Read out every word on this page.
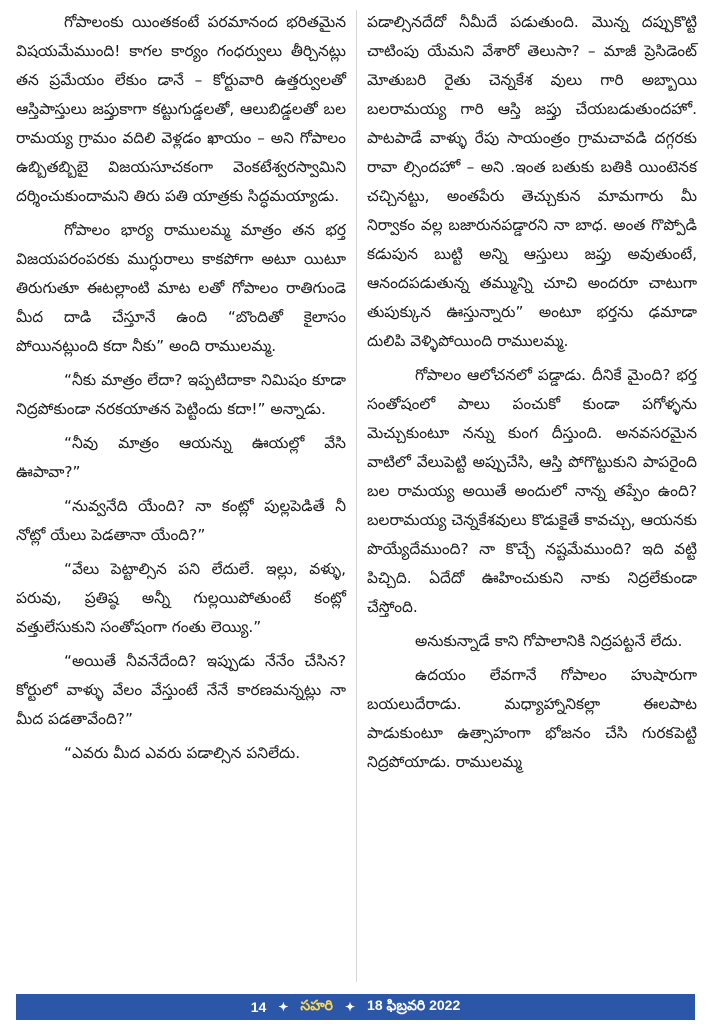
గోపాలంకు యింతకంటే పరమానంద భరితమైన విషయమేముంది! కాగల కార్యం గంధర్వులు తీర్చినట్లు తన ప్రమేయం లేకుం డానే – కోర్టువారి ఉత్తర్వులతో ఆస్తిపాస్తులు జప్తుకాగా కట్టుగుడ్డలతో, ఆలుబిడ్డలతో బల రామయ్య గ్రామం వదిలి వెళ్లడం ఖాయం – అని గోపాలం ఉబ్బితబ్బిబై విజయసూచకంగా వెంకటేశ్వరస్వామిని దర్శించుకుందామని తిరు పతి యాత్రకు సిద్ధమయ్యాడు.

గోపాలం భార్య రాములమ్మ మాత్రం తన భర్త విజయపరంపరకు ముగ్ధురాలు కాకపోగా అటూ యిటూ తిరుగుతూ ఈటల్లాంటి మాట లతో గోపాలం రాతిగుండె మీద దాడి చేస్తూనే ఉంది “బొందితో కైలాసం పోయినట్లుంది కదా నీకు” అంది రాములమ్మ.

“నీకు మాత్రం లేదా? ఇప్పటిదాకా నిమిషం కూడా నిద్రపోకుండా నరకయాతన పెట్టిందు కదా!” అన్నాడు.

“నీవు మాత్రం ఆయన్ను ఊయల్లో వేసి ఊపావా?”

“నువ్వనేది యేంది? నా కంట్లో పుల్లపెడితే నీ నోట్లో యేలు పెడతానా యేంది?”

“వేలు పెట్టాల్సిన పని లేదులే. ఇల్లు, వళ్ళు, పరువు, ప్రతిష్ఠ అన్నీ గుల్లయిపోతుంటే కంట్లో వత్తులేసుకుని సంతోషంగా గంతు లెయ్యి.”

“అయితే నీవనేదేంది? ఇప్పుడు నేనేం చేసిన? కోర్టులో వాళ్ళు వేలం వేస్తుంటే నేనే కారణమన్నట్లు నా మీద పడతావేంది?”

“ఎవరు మీద ఎవరు పడాల్సిన పనిలేదు.

పడాల్సినదేదో నీమీదే పడుతుంది. మొన్న దప్పుకొట్టి చాటింపు యేమని వేశారో తెలుసా? – మాజీ ప్రెసిడెంట్ మోతుబరి రైతు చెన్నకేశ వులు గారి అబ్బాయి బలరామయ్య గారి ఆస్తి జప్తు చేయబడుతుందహో. పాటపాడే వాళ్ళు రేపు సాయంత్రం గ్రామచావడి దగ్గరకు రావా ల్సిందహో – అని .ఇంత బతుకు బతికి యింటెనక చచ్చినట్టు, అంతపేరు తెచ్చుకున మామగారు మీ నిర్వాకం వల్ల బజారునపడ్డారని నా బాధ. అంత గొప్పోడి కడుపున బుట్టి అన్ని ఆస్తులు జప్తు అవుతుంటే, ఆనందపడుతున్న తమ్మున్ని చూచి అందరూ చాటుగా తుపుక్కున ఊస్తున్నారు” అంటూ భర్తను ఢమాడా దులిపి వెళ్ళిపోయింది రాములమ్మ.

గోపాలం ఆలోచనలో పడ్డాడు. దీనికే మైంది? భర్త సంతోషంలో పాలు పంచుకో కుండా పగోళ్ళను మెచ్చుకుంటూ నన్ను కుంగ దీస్తుంది. అనవసరమైన వాటిలో వేలుపెట్టి అప్పుచేసి, ఆస్తి పోగొట్టుకుని పాపరైంది బల రామయ్య అయితే అందులో నాన్న తప్పేం ఉంది? బలరామయ్య చెన్నకేశవులు కొడుకైతే కావచ్చు, ఆయనకు పొయ్యేదేముంది? నా కొచ్చే నష్టమేముంది? ఇది వట్టి పిచ్చిది. ఏదేదో ఊహించుకుని నాకు నిద్రలేకుండా చేస్తోంది.

అనుకున్నాడే కాని గోపాలానికి నిద్రపట్టనే లేదు.

ఉదయం లేవగానే గోపాలం హుషారుగా బయలుదేరాడు. మధ్యాహ్నానికల్లా ఈలపాట పాడుకుంటూ ఉత్సాహంగా భోజనం చేసి గురకపెట్టి నిద్రపోయాడు. రాములమ్మ

14 ✦ సహరి ✦ 18 ఫిబ్రవరి 2022
